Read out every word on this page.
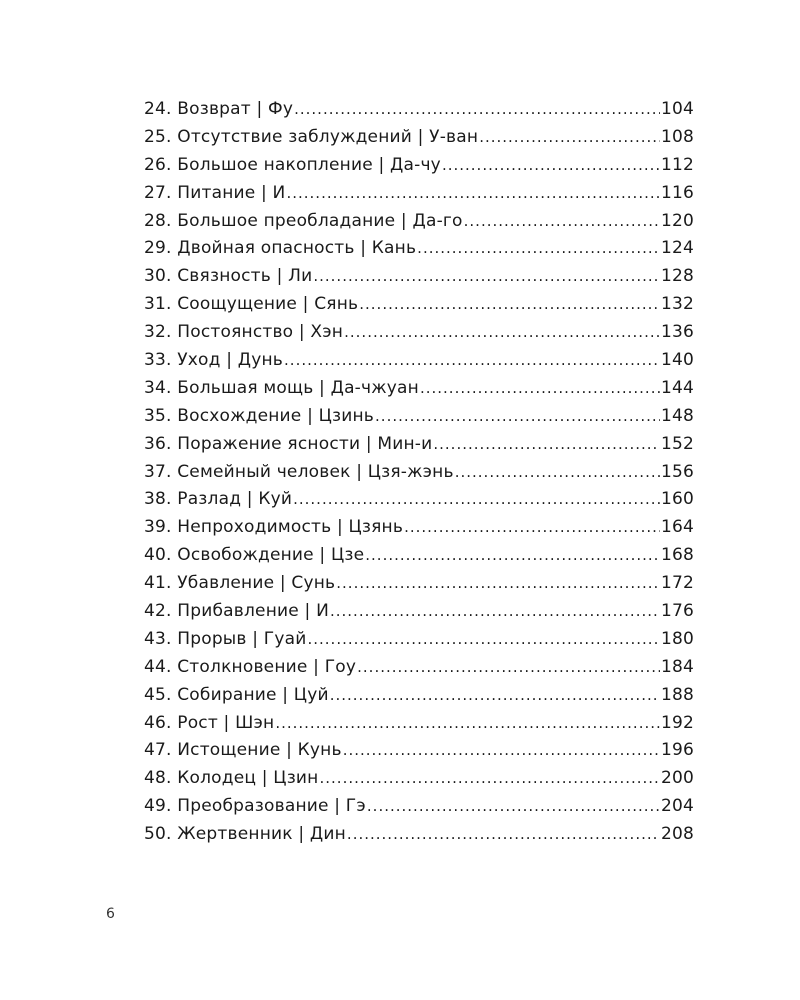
24. Возврат | Фу .....	104
25. Отсутствие заблуждений | У-ван .....	108
26. Большое накопление | Да-чу .....	112
27. Питание | И .....	116
28. Большое преобладание | Да-го .....	120
29. Двойная опасность | Кань .....	124
30. Связность | Ли .....	128
31. Соощущение | Сянь .....	132
32. Постоянство | Хэн .....	136
33. Уход | Дунь .....	140
34. Большая мощь | Да-чжуан .....	144
35. Восхождение | Цзинь .....	148
36. Поражение ясности | Мин-и .....	152
37. Семейный человек | Цзя-жэнь .....	156
38. Разлад | Куй .....	160
39. Непроходимость | Цзянь .....	164
40. Освобождение | Цзе .....	168
41. Убавление | Сунь .....	172
42. Прибавление | И .....	176
43. Прорыв | Гуай .....	180
44. Столкновение | Гоу .....	184
45. Собирание | Цуй .....	188
46. Рост | Шэн .....	192
47. Истощение | Кунь .....	196
48. Колодец | Цзин .....	200
49. Преобразование | Гэ .....	204
50. Жертвенник | Дин .....	208
6
